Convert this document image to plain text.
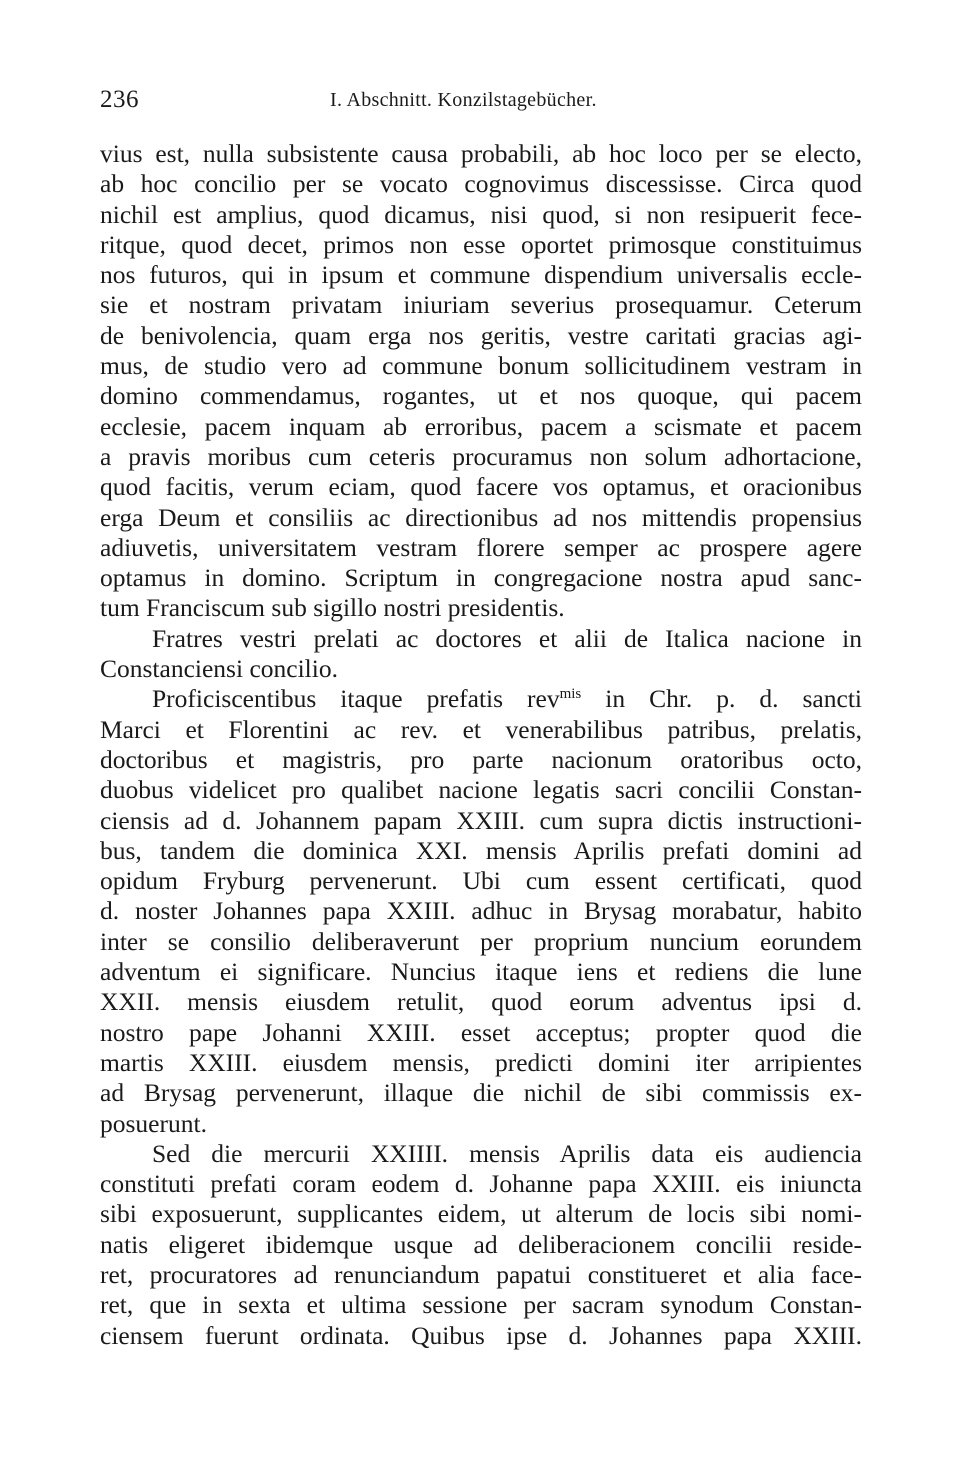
236	I. Abschnitt. Konzilstagebücher.
vius est, nulla subsistente causa probabili, ab hoc loco per se electo,
ab hoc concilio per se vocato cognovimus discessisse. Circa quod
nichil est amplius, quod dicamus, nisi quod, si non resipuerit fece-
ritque, quod decet, primos non esse oportet primosque constituimus
nos futuros, qui in ipsum et commune dispendium universalis eccle-
sie et nostram privatam iniuriam severius prosequamur. Ceterum
de benivolencia, quam erga nos geritis, vestre caritati gracias agi-
mus, de studio vero ad commune bonum sollicitudinem vestram in
domino commendamus, rogantes, ut et nos quoque, qui pacem
ecclesie, pacem inquam ab erroribus, pacem a scismate et pacem
a pravis moribus cum ceteris procuramus non solum adhortacione,
quod facitis, verum eciam, quod facere vos optamus, et oracionibus
erga Deum et consiliis ac directionibus ad nos mittendis propensius
adiuvetis, universitatem vestram florere semper ac prospere agere
optamus in domino. Scriptum in congregacione nostra apud sanc-
tum Franciscum sub sigillo nostri presidentis.
Fratres vestri prelati ac doctores et alii de Italica nacione in
Constanciensi concilio.
Proficiscentibus itaque prefatis rev$^{mis}$ in Chr. p. d. sancti
Marci et Florentini ac rev. et venerabilibus patribus, prelatis,
doctoribus et magistris, pro parte nacionum oratoribus octo,
duobus videlicet pro qualibet nacione legatis sacri concilii Constan-
ciensis ad d. Johannem papam XXIII. cum supra dictis instructioni-
bus, tandem die dominica XXI. mensis Aprilis prefati domini ad
opidum Fryburg pervenerunt. Ubi cum essent certificati, quod
d. noster Johannes papa XXIII. adhuc in Brysag morabatur, habito
inter se consilio deliberaverunt per proprium nuncium eorundem
adventum ei significare. Nuncius itaque iens et rediens die lune
XXII. mensis eiusdem retulit, quod eorum adventus ipsi d.
nostro pape Johanni XXIII. esset acceptus; propter quod die
martis XXIII. eiusdem mensis, predicti domini iter arripientes
ad Brysag pervenerunt, illaque die nichil de sibi commissis ex-
posuerunt.
Sed die mercurii XXIIII. mensis Aprilis data eis audiencia
constituti prefati coram eodem d. Johanne papa XXIII. eis iniuncta
sibi exposuerunt, supplicantes eidem, ut alterum de locis sibi nomi-
natis eligeret ibidemque usque ad deliberacionem concilii reside-
ret, procuratores ad renunciandum papatui constitueret et alia face-
ret, que in sexta et ultima sessione per sacram synodum Constan-
ciensem fuerunt ordinata. Quibus ipse d. Johannes papa XXIII.
